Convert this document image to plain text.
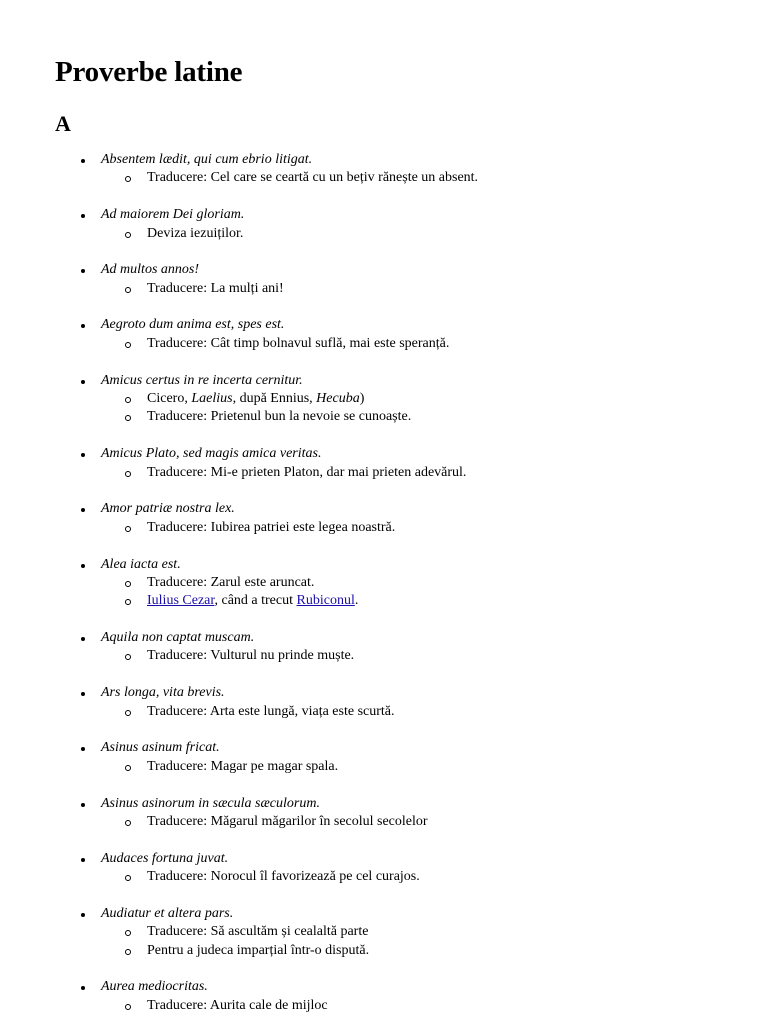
Proverbe latine
A
Absentem lædit, qui cum ebrio litigat.
Traducere: Cel care se ceartă cu un bețiv rănește un absent.
Ad maiorem Dei gloriam.
Deviza iezuiților.
Ad multos annos!
Traducere: La mulți ani!
Aegroto dum anima est, spes est.
Traducere: Cât timp bolnavul suflă, mai este speranță.
Amicus certus in re incerta cernitur.
Cicero, Laelius, după Ennius, Hecuba)
Traducere: Prietenul bun la nevoie se cunoaște.
Amicus Plato, sed magis amica veritas.
Traducere: Mi-e prieten Platon, dar mai prieten adevărul.
Amor patriæ nostra lex.
Traducere: Iubirea patriei este legea noastră.
Alea iacta est.
Traducere: Zarul este aruncat.
Iulius Cezar, când a trecut Rubiconul.
Aquila non captat muscam.
Traducere: Vulturul nu prinde muște.
Ars longa, vita brevis.
Traducere: Arta este lungă, viața este scurtă.
Asinus asinum fricat.
Traducere: Magar pe magar spala.
Asinus asinorum in sæcula sæculorum.
Traducere: Măgarul măgarilor în secolul secolelor
Audaces fortuna juvat.
Traducere: Norocul îl favorizează pe cel curajos.
Audiatur et altera pars.
Traducere: Să ascultăm și cealaltă parte
Pentru a judeca imparțial într-o dispută.
Aurea mediocritas.
Traducere: Aurita cale de mijloc
